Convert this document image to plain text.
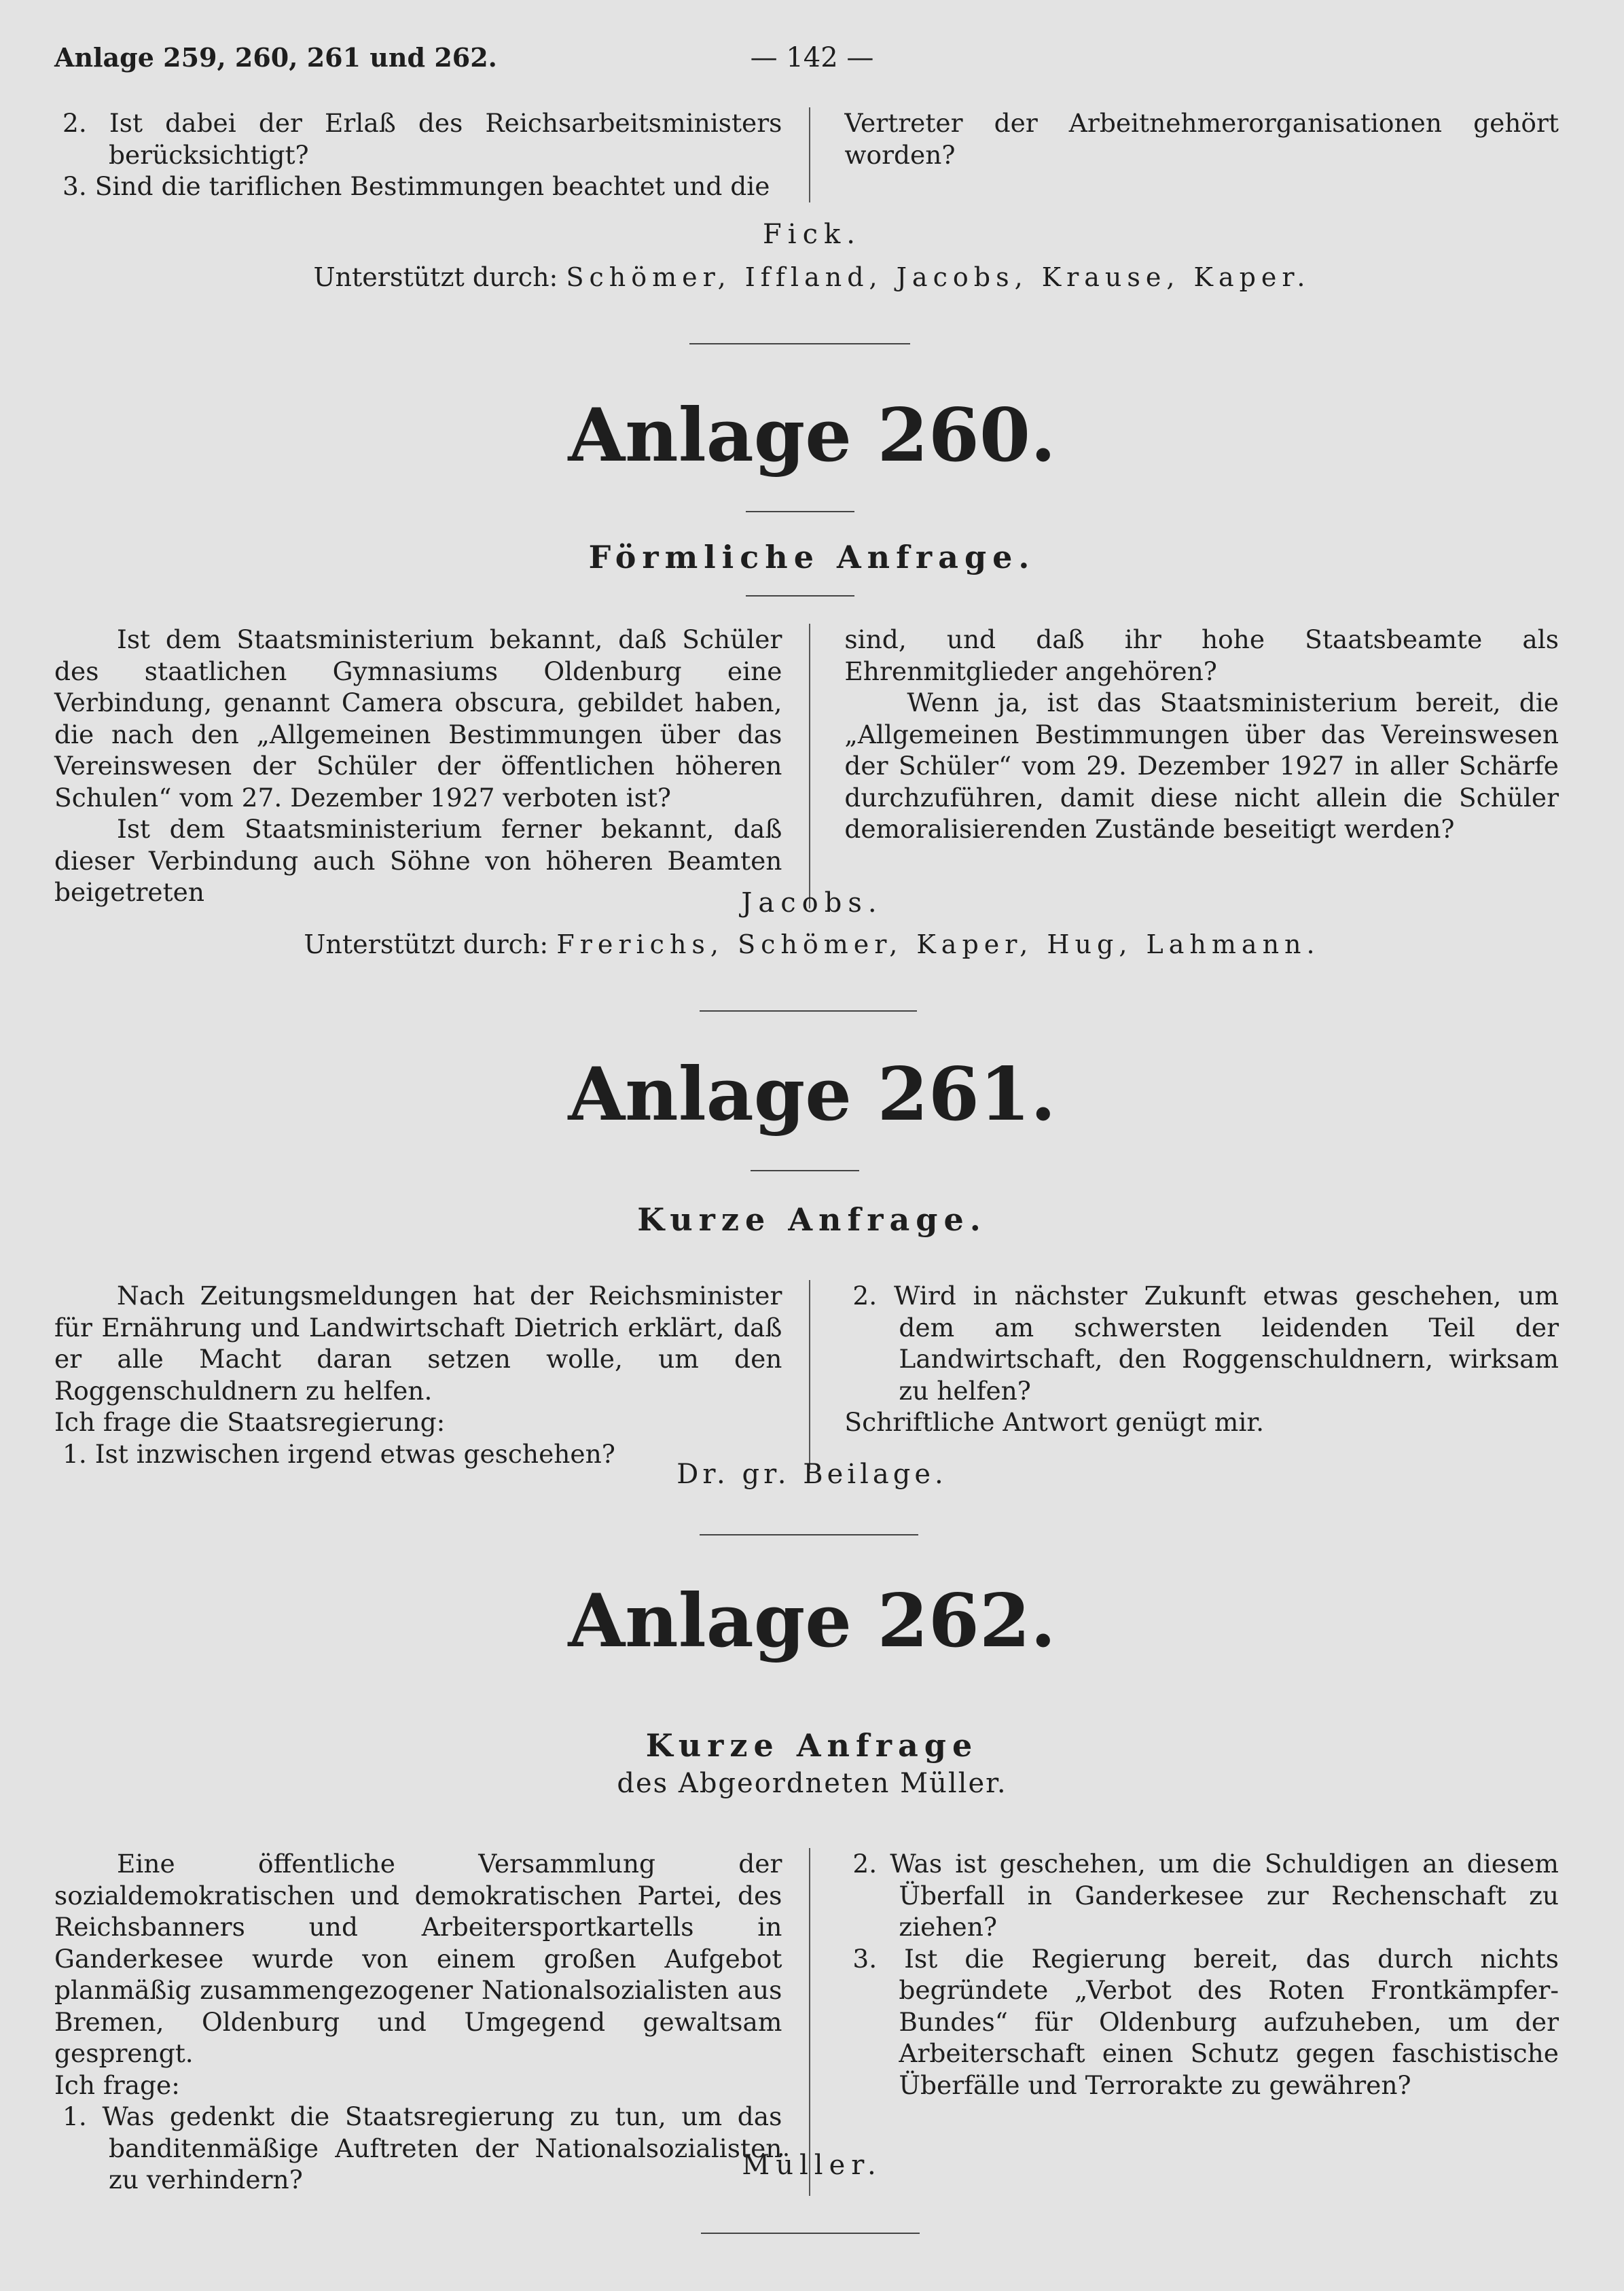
Anlage 259, 260, 261 und 262.	— 142 —

2. Ist dabei der Erlaß des Reichsarbeitsministers berücksichtigt?

3. Sind die tariflichen Bestimmungen beachtet und die

Vertreter der Arbeitnehmerorganisationen gehört worden?

Fick.
Unterstützt durch: Schömer, Iffland, Jacobs, Krause, Kaper.
Anlage 260.
Förmliche Anfrage.

Ist dem Staatsministerium bekannt, daß Schüler des staatlichen Gymnasiums Oldenburg eine Verbindung, genannt Camera obscura, gebildet haben, die nach den „Allgemeinen Bestimmungen über das Vereinswesen der Schüler der öffentlichen höheren Schulen“ vom 27. Dezember 1927 verboten ist?

Ist dem Staatsministerium ferner bekannt, daß dieser Verbindung auch Söhne von höheren Beamten beigetreten

sind, und daß ihr hohe Staatsbeamte als Ehrenmitglieder angehören?

Wenn ja, ist das Staatsministerium bereit, die „Allgemeinen Bestimmungen über das Vereinswesen der Schüler“ vom 29. Dezember 1927 in aller Schärfe durchzuführen, damit diese nicht allein die Schüler demoralisierenden Zustände beseitigt werden?

Jacobs.
Unterstützt durch: Frerichs, Schömer, Kaper, Hug, Lahmann.
Anlage 261.
Kurze Anfrage.

Nach Zeitungsmeldungen hat der Reichsminister für Ernährung und Landwirtschaft Dietrich erklärt, daß er alle Macht daran setzen wolle, um den Roggenschuldnern zu helfen.

Ich frage die Staatsregierung:

1. Ist inzwischen irgend etwas geschehen?

2. Wird in nächster Zukunft etwas geschehen, um dem am schwersten leidenden Teil der Landwirtschaft, den Roggenschuldnern, wirksam zu helfen?

Schriftliche Antwort genügt mir.

Dr. gr. Beilage.
Anlage 262.
Kurze Anfrage
des Abgeordneten Müller.

Eine öffentliche Versammlung der sozialdemokratischen und demokratischen Partei, des Reichsbanners und Arbeitersportkartells in Ganderkesee wurde von einem großen Aufgebot planmäßig zusammengezogener Nationalsozialisten aus Bremen, Oldenburg und Umgegend gewaltsam gesprengt.

Ich frage:

1. Was gedenkt die Staatsregierung zu tun, um das banditenmäßige Auftreten der Nationalsozialisten zu verhindern?

2. Was ist geschehen, um die Schuldigen an diesem Überfall in Ganderkesee zur Rechenschaft zu ziehen?

3. Ist die Regierung bereit, das durch nichts begründete „Verbot des Roten Frontkämpfer-Bundes“ für Oldenburg aufzuheben, um der Arbeiterschaft einen Schutz gegen faschistische Überfälle und Terrorakte zu gewähren?

Müller.
